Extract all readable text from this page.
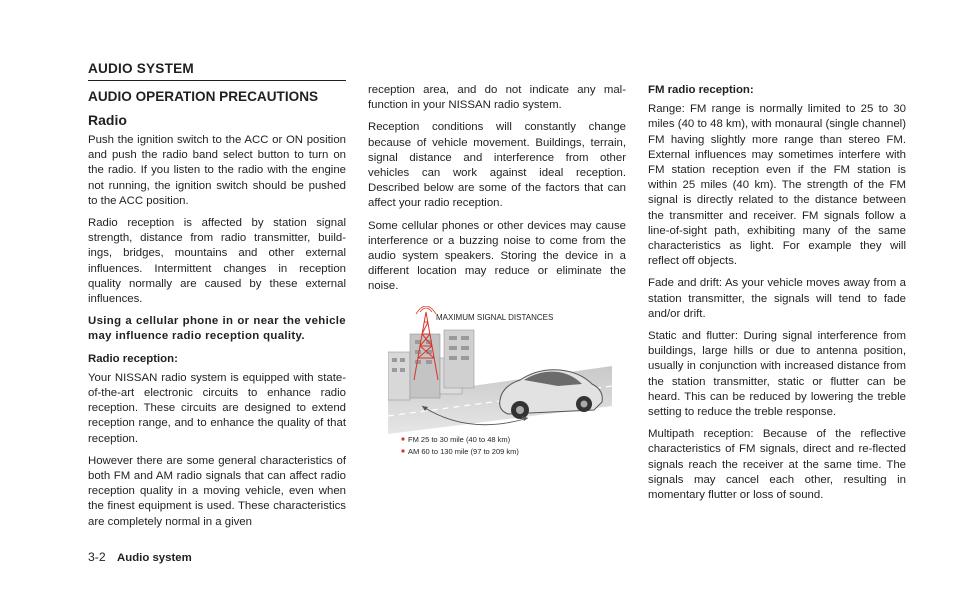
AUDIO SYSTEM
AUDIO OPERATION PRECAUTIONS
Radio

Push the ignition switch to the ACC or ON position and push the radio band select button to turn on the radio. If you listen to the radio with the engine not running, the ignition switch should be pushed to the ACC position.

Radio reception is affected by station signal strength, distance from radio transmitter, build-ings, bridges, mountains and other external influences. Intermittent changes in reception quality normally are caused by these external influences.

Using a cellular phone in or near the vehicle may influence radio reception quality.

Radio reception:

Your NISSAN radio system is equipped with state-of-the-art electronic circuits to enhance radio reception. These circuits are designed to extend reception range, and to enhance the quality of that reception.

However there are some general characteristics of both FM and AM radio signals that can affect radio reception quality in a moving vehicle, even when the finest equipment is used. These characteristics are completely normal in a given

reception area, and do not indicate any mal-function in your NISSAN radio system.

Reception conditions will constantly change because of vehicle movement. Buildings, terrain, signal distance and interference from other vehicles can work against ideal reception. Described below are some of the factors that can affect your radio reception.

Some cellular phones or other devices may cause interference or a buzzing noise to come from the audio system speakers. Storing the device in a different location may reduce or eliminate the noise.

MAXIMUM SIGNAL DISTANCES
FM 25 to 30 mile (40 to 48 km)
AM 60 to 130 mile (97 to 209 km)
FM radio reception:

Range: FM range is normally limited to 25 to 30 miles (40 to 48 km), with monaural (single channel) FM having slightly more range than stereo FM. External influences may sometimes interfere with FM station reception even if the FM station is within 25 miles (40 km). The strength of the FM signal is directly related to the distance between the transmitter and receiver. FM signals follow a line-of-sight path, exhibiting many of the same characteristics as light. For example they will reflect off objects.

Fade and drift: As your vehicle moves away from a station transmitter, the signals will tend to fade and/or drift.

Static and flutter: During signal interference from buildings, large hills or due to antenna position, usually in conjunction with increased distance from the station transmitter, static or flutter can be heard. This can be reduced by lowering the treble setting to reduce the treble response.

Multipath reception: Because of the reflective characteristics of FM signals, direct and re-flected signals reach the receiver at the same time. The signals may cancel each other, resulting in momentary flutter or loss of sound.

3-2 Audio system
